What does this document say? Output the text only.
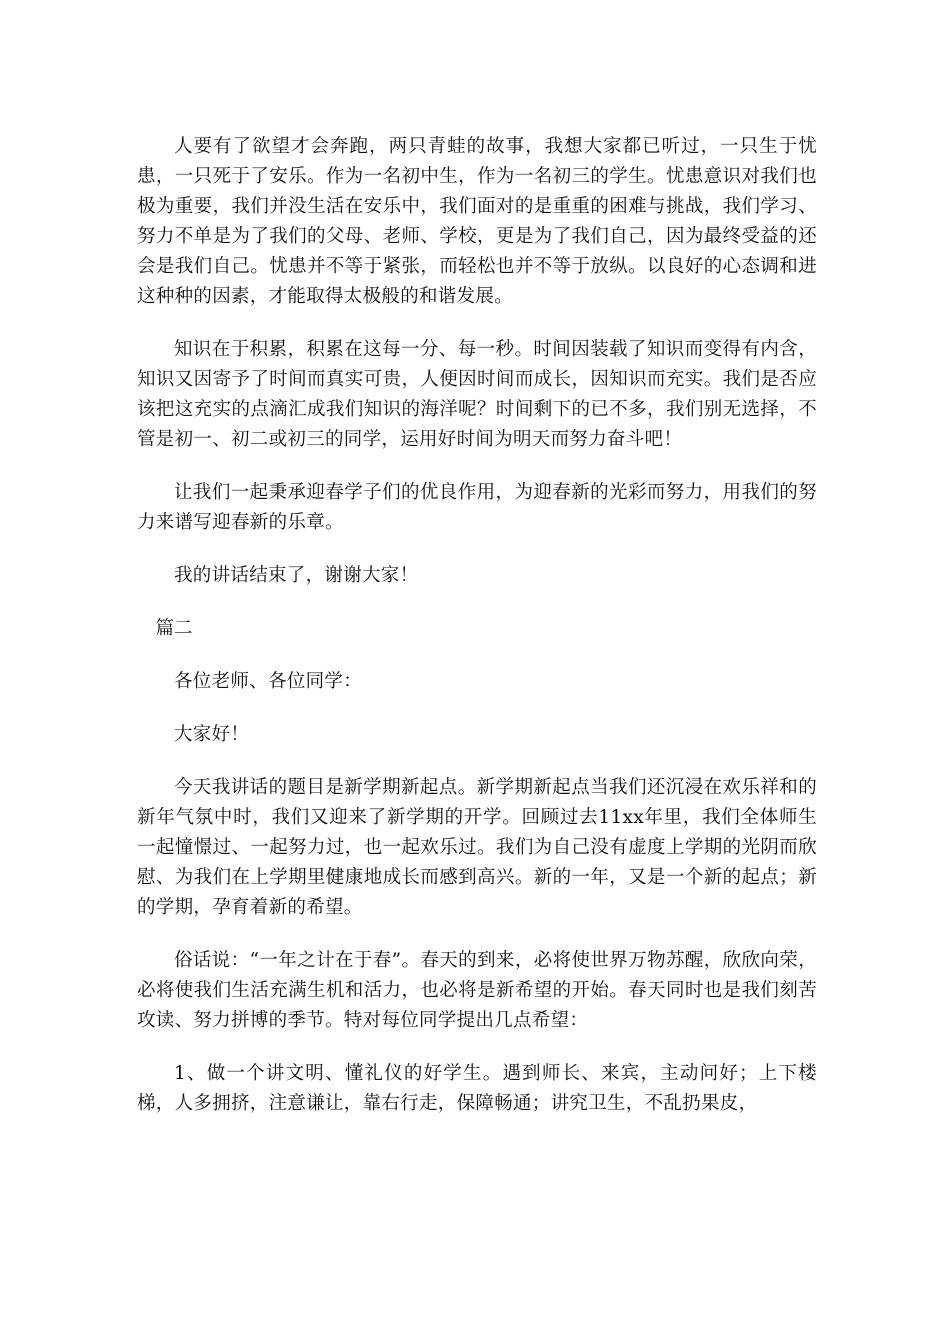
人要有了欲望才会奔跑，两只青蛙的故事，我想大家都已听过，一只生于忧患，一只死于了安乐。作为一名初中生，作为一名初三的学生。忧患意识对我们也极为重要，我们并没生活在安乐中，我们面对的是重重的困难与挑战，我们学习、努力不单是为了我们的父母、老师、学校，更是为了我们自己，因为最终受益的还会是我们自己。忧患并不等于紧张，而轻松也并不等于放纵。以良好的心态调和进这种种的因素，才能取得太极般的和谐发展。

知识在于积累，积累在这每一分、每一秒。时间因装载了知识而变得有内含，知识又因寄予了时间而真实可贵，人便因时间而成长，因知识而充实。我们是否应该把这充实的点滴汇成我们知识的海洋呢？时间剩下的已不多，我们别无选择，不管是初一、初二或初三的同学，运用好时间为明天而努力奋斗吧！

让我们一起秉承迎春学子们的优良作用，为迎春新的光彩而努力，用我们的努力来谱写迎春新的乐章。

我的讲话结束了，谢谢大家！

篇二

各位老师、各位同学：

大家好！

今天我讲话的题目是新学期新起点。新学期新起点当我们还沉浸在欢乐祥和的新年气氛中时，我们又迎来了新学期的开学。回顾过去11xx年里，我们全体师生一起憧憬过、一起努力过，也一起欢乐过。我们为自己没有虚度上学期的光阴而欣慰、为我们在上学期里健康地成长而感到高兴。新的一年，又是一个新的起点；新的学期，孕育着新的希望。

俗话说：“一年之计在于春”。春天的到来，必将使世界万物苏醒，欣欣向荣，必将使我们生活充满生机和活力，也必将是新希望的开始。春天同时也是我们刻苦攻读、努力拼博的季节。特对每位同学提出几点希望：

1、做一个讲文明、懂礼仪的好学生。遇到师长、来宾，主动问好；上下楼梯，人多拥挤，注意谦让，靠右行走，保障畅通；讲究卫生，不乱扔果皮，
